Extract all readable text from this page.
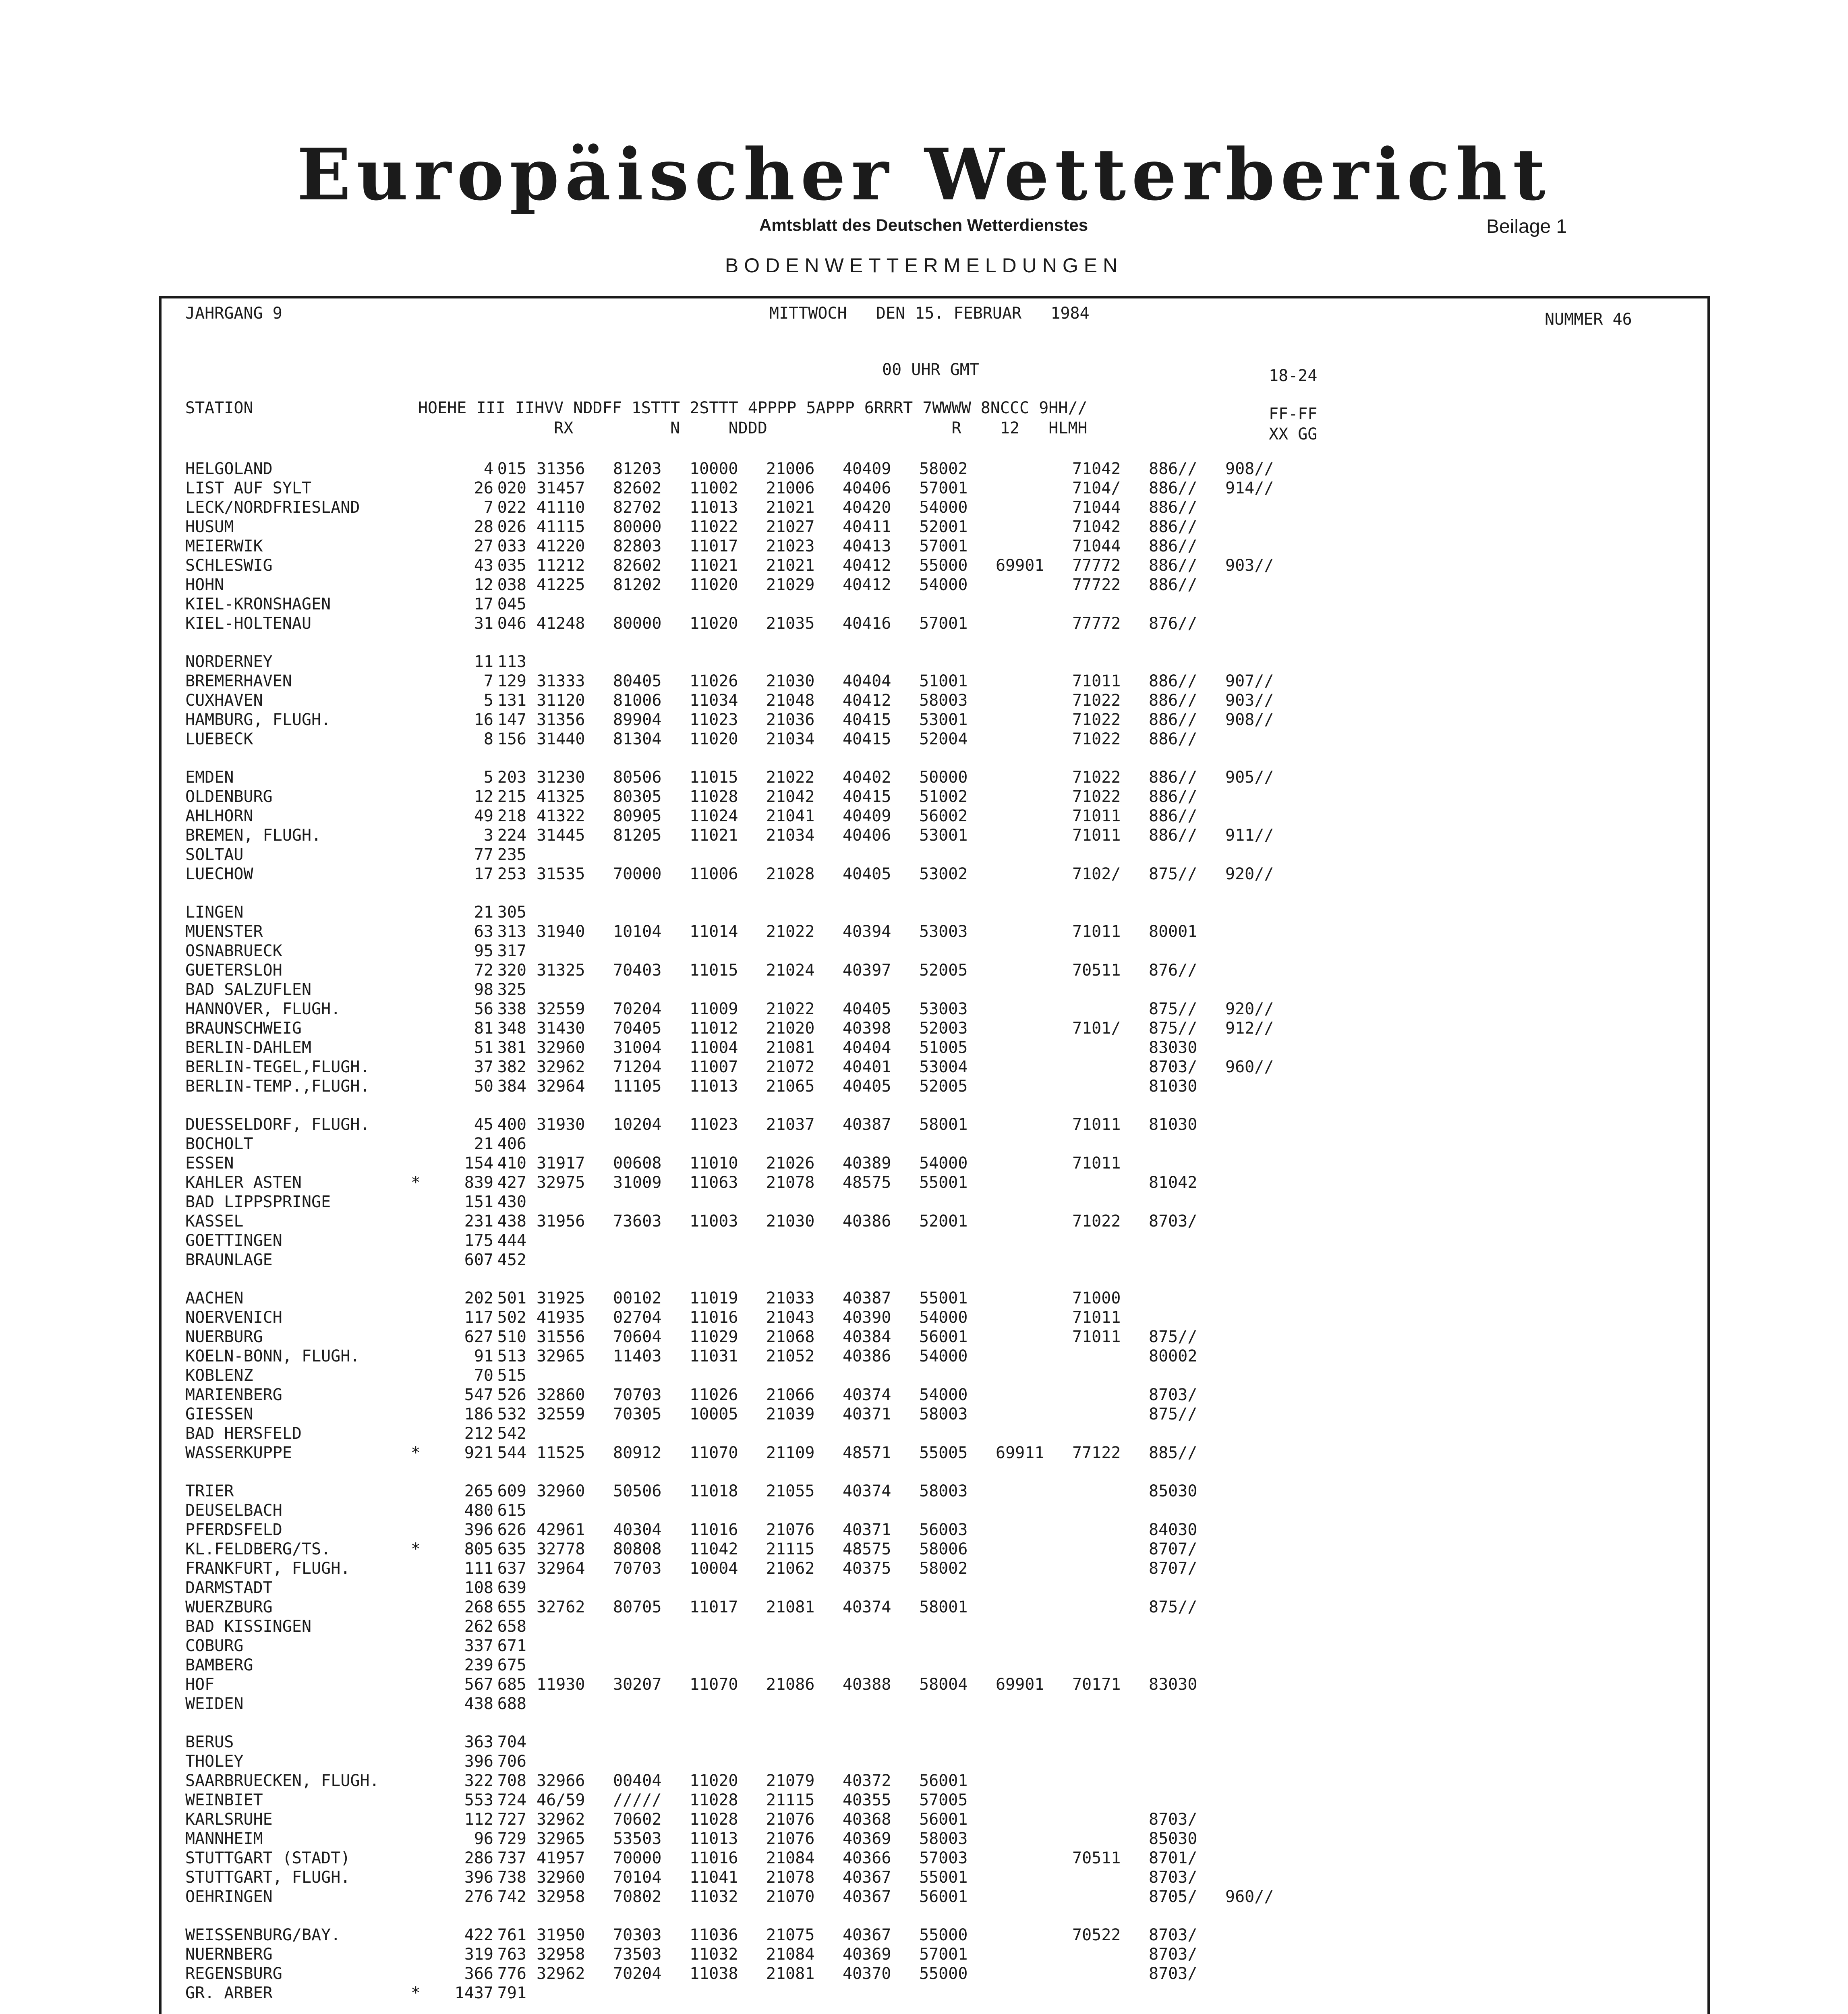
Europäischer Wetterbericht
Amtsblatt des Deutschen Wetterdienstes	Beilage 1
BODENWETTERMELDUNGEN
JAHRGANG 9	MITTWOCH   DEN 15. FEBRUAR   1984	NUMMER 46
00 UHR GMT	18-24
STATION                 HOEHE III IIHVV NDDFF 1STTT 2STTT 4PPPP 5APPP 6RRRT 7WWWW 8NCCC 9HH//
RX          N     NDDD                   R    12   HLMH
FF-FF
XX GG
HELGOLAND		4	015	31356	81203	10000	21006	40409	58002		71042	886//	908//
LIST AUF SYLT		26	020	31457	82602	11002	21006	40406	57001		7104/	886//	914//
LECK/NORDFRIESLAND		7	022	41110	82702	11013	21021	40420	54000		71044	886//	
HUSUM		28	026	41115	80000	11022	21027	40411	52001		71042	886//	
MEIERWIK		27	033	41220	82803	11017	21023	40413	57001		71044	886//	
SCHLESWIG		43	035	11212	82602	11021	21021	40412	55000	69901	77772	886//	903//
HOHN		12	038	41225	81202	11020	21029	40412	54000		77722	886//	
KIEL-KRONSHAGEN		17	045										
KIEL-HOLTENAU		31	046	41248	80000	11020	21035	40416	57001		77772	876//	

NORDERNEY		11	113										
BREMERHAVEN		7	129	31333	80405	11026	21030	40404	51001		71011	886//	907//
CUXHAVEN		5	131	31120	81006	11034	21048	40412	58003		71022	886//	903//
HAMBURG, FLUGH.		16	147	31356	89904	11023	21036	40415	53001		71022	886//	908//
LUEBECK		8	156	31440	81304	11020	21034	40415	52004		71022	886//	

EMDEN		5	203	31230	80506	11015	21022	40402	50000		71022	886//	905//
OLDENBURG		12	215	41325	80305	11028	21042	40415	51002		71022	886//	
AHLHORN		49	218	41322	80905	11024	21041	40409	56002		71011	886//	
BREMEN, FLUGH.		3	224	31445	81205	11021	21034	40406	53001		71011	886//	911//
SOLTAU		77	235										
LUECHOW		17	253	31535	70000	11006	21028	40405	53002		7102/	875//	920//

LINGEN		21	305										
MUENSTER		63	313	31940	10104	11014	21022	40394	53003		71011	80001	
OSNABRUECK		95	317										
GUETERSLOH		72	320	31325	70403	11015	21024	40397	52005		70511	876//	
BAD SALZUFLEN		98	325										
HANNOVER, FLUGH.		56	338	32559	70204	11009	21022	40405	53003			875//	920//
BRAUNSCHWEIG		81	348	31430	70405	11012	21020	40398	52003		7101/	875//	912//
BERLIN-DAHLEM		51	381	32960	31004	11004	21081	40404	51005			83030	
BERLIN-TEGEL,FLUGH.		37	382	32962	71204	11007	21072	40401	53004			8703/	960//
BERLIN-TEMP.,FLUGH.		50	384	32964	11105	11013	21065	40405	52005			81030	

DUESSELDORF, FLUGH.		45	400	31930	10204	11023	21037	40387	58001		71011	81030	
BOCHOLT		21	406										
ESSEN		154	410	31917	00608	11010	21026	40389	54000		71011		
KAHLER ASTEN	*	839	427	32975	31009	11063	21078	48575	55001			81042	
BAD LIPPSPRINGE		151	430										
KASSEL		231	438	31956	73603	11003	21030	40386	52001		71022	8703/	
GOETTINGEN		175	444										
BRAUNLAGE		607	452										

AACHEN		202	501	31925	00102	11019	21033	40387	55001		71000		
NOERVENICH		117	502	41935	02704	11016	21043	40390	54000		71011		
NUERBURG		627	510	31556	70604	11029	21068	40384	56001		71011	875//	
KOELN-BONN, FLUGH.		91	513	32965	11403	11031	21052	40386	54000			80002	
KOBLENZ		70	515										
MARIENBERG		547	526	32860	70703	11026	21066	40374	54000			8703/	
GIESSEN		186	532	32559	70305	10005	21039	40371	58003			875//	
BAD HERSFELD		212	542										
WASSERKUPPE	*	921	544	11525	80912	11070	21109	48571	55005	69911	77122	885//	

TRIER		265	609	32960	50506	11018	21055	40374	58003			85030	
DEUSELBACH		480	615										
PFERDSFELD		396	626	42961	40304	11016	21076	40371	56003			84030	
KL.FELDBERG/TS.	*	805	635	32778	80808	11042	21115	48575	58006			8707/	
FRANKFURT, FLUGH.		111	637	32964	70703	10004	21062	40375	58002			8707/	
DARMSTADT		108	639										
WUERZBURG		268	655	32762	80705	11017	21081	40374	58001			875//	
BAD KISSINGEN		262	658										
COBURG		337	671										
BAMBERG		239	675										
HOF		567	685	11930	30207	11070	21086	40388	58004	69901	70171	83030	
WEIDEN		438	688										

BERUS		363	704										
THOLEY		396	706										
SAARBRUECKEN, FLUGH.		322	708	32966	00404	11020	21079	40372	56001				
WEINBIET		553	724	46/59	/////	11028	21115	40355	57005				
KARLSRUHE		112	727	32962	70602	11028	21076	40368	56001			8703/	
MANNHEIM		96	729	32965	53503	11013	21076	40369	58003			85030	
STUTTGART (STADT)		286	737	41957	70000	11016	21084	40366	57003		70511	8701/	
STUTTGART, FLUGH.		396	738	32960	70104	11041	21078	40367	55001			8703/	
OEHRINGEN		276	742	32958	70802	11032	21070	40367	56001			8705/	960//

WEISSENBURG/BAY.		422	761	31950	70303	11036	21075	40367	55000		70522	8703/	
NUERNBERG		319	763	32958	73503	11032	21084	40369	57001			8703/	
REGENSBURG		366	776	32962	70204	11038	21081	40370	55000			8703/	
GR. ARBER	*	1437	791										
